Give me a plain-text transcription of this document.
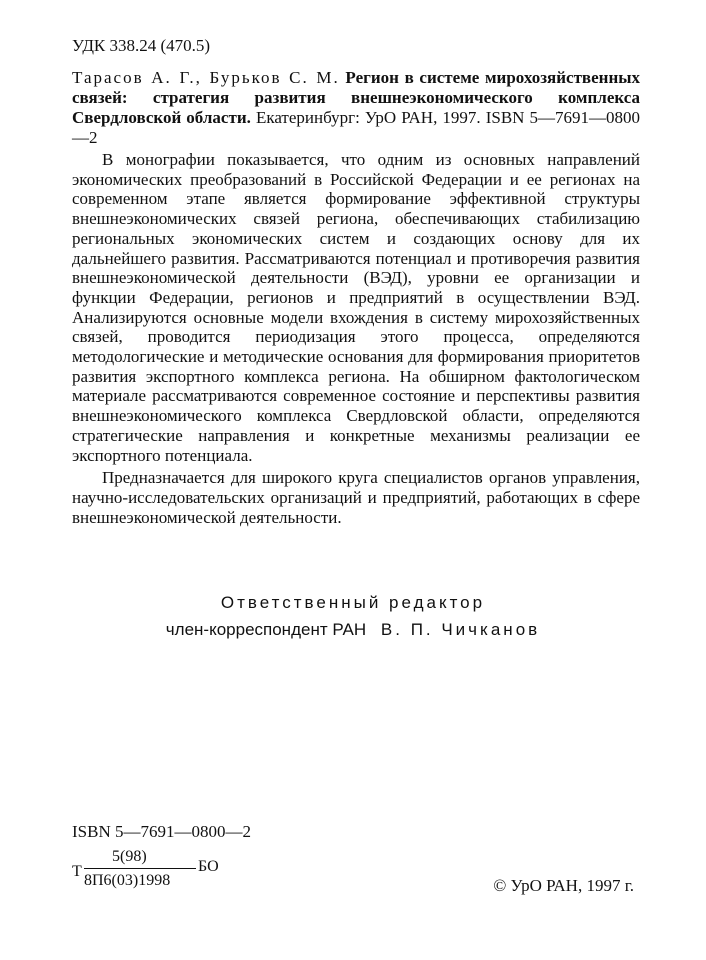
УДК 338.24 (470.5)
Тарасов А. Г., Бурьков С. М. Регион в системе мирохозяйственных связей: стратегия развития внешнеэкономического комплекса Свердловской области. Екатеринбург: УрО РАН, 1997. ISBN 5—7691—0800—2

В монографии показывается, что одним из основных направлений экономических преобразований в Российской Федерации и ее регионах на современном этапе является формирование эффективной структуры внешнеэкономических связей региона, обеспечивающих стабилизацию региональных экономических систем и создающих основу для их дальнейшего развития. Рассматриваются потенциал и противоречия развития внешнеэкономической деятельности (ВЭД), уровни ее организации и функции Федерации, регионов и предприятий в осуществлении ВЭД. Анализируются основные модели вхождения в систему мирохозяйственных связей, проводится периодизация этого процесса, определяются методологические и методические основания для формирования приоритетов развития экспортного комплекса региона. На обширном фактологическом материале рассматриваются современное состояние и перспективы развития внешнеэкономического комплекса Свердловской области, определяются стратегические направления и конкретные механизмы реализации ее экспортного потенциала.

Предназначается для широкого круга специалистов органов управления, научно-исследовательских организаций и предприятий, работающих в сфере внешнеэкономической деятельности.

Ответственный редактор
член-корреспондент РАН В. П. Чичканов
ISBN 5—7691—0800—2
Т
5(98)
8П6(03)1998
БО
© УрО РАН, 1997 г.
